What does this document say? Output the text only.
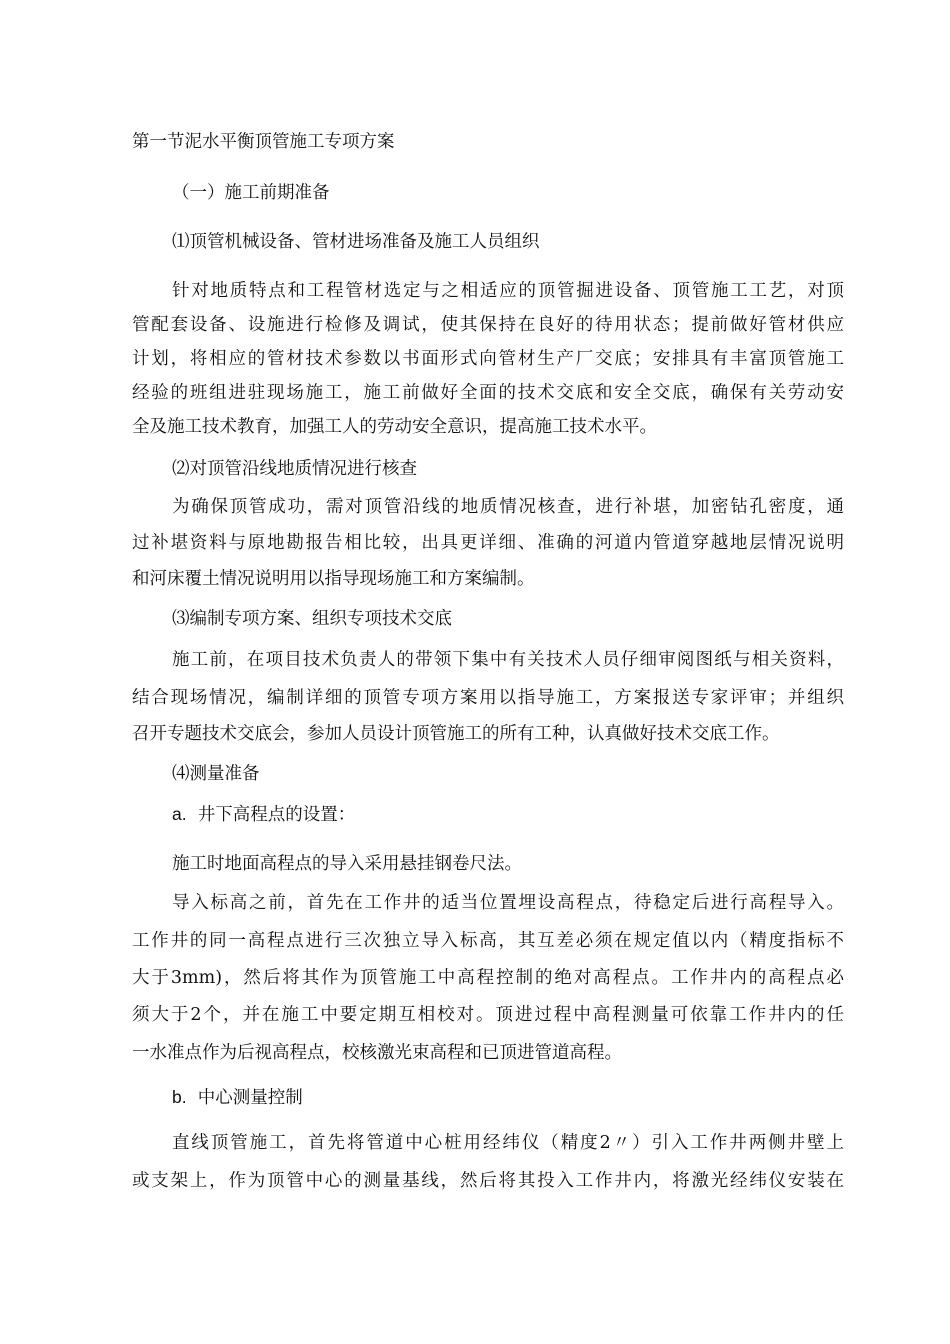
第一节泥水平衡顶管施工专项方案
（一）施工前期准备
⑴顶管机械设备、管材进场准备及施工人员组织
针对地质特点和工程管材选定与之相适应的顶管掘进设备、顶管施工工艺，对顶
管配套设备、设施进行检修及调试，使其保持在良好的待用状态；提前做好管材供应
计划，将相应的管材技术参数以书面形式向管材生产厂交底；安排具有丰富顶管施工
经验的班组进驻现场施工，施工前做好全面的技术交底和安全交底，确保有关劳动安
全及施工技术教育，加强工人的劳动安全意识，提高施工技术水平。
⑵对顶管沿线地质情况进行核查
为确保顶管成功，需对顶管沿线的地质情况核查，进行补堪，加密钻孔密度，通
过补堪资料与原地勘报告相比较，出具更详细、准确的河道内管道穿越地层情况说明
和河床覆土情况说明用以指导现场施工和方案编制。
⑶编制专项方案、组织专项技术交底
施工前，在项目技术负责人的带领下集中有关技术人员仔细审阅图纸与相关资料，
结合现场情况，编制详细的顶管专项方案用以指导施工，方案报送专家评审；并组织
召开专题技术交底会，参加人员设计顶管施工的所有工种，认真做好技术交底工作。
⑷测量准备
a. 井下高程点的设置：
施工时地面高程点的导入采用悬挂钢卷尺法。
导入标高之前，首先在工作井的适当位置埋设高程点，待稳定后进行高程导入。
工作井的同一高程点进行三次独立导入标高，其互差必须在规定值以内（精度指标不
大于3mm)，然后将其作为顶管施工中高程控制的绝对高程点。工作井内的高程点必
须大于2个，并在施工中要定期互相校对。顶进过程中高程测量可依靠工作井内的任
一水准点作为后视高程点，校核激光束高程和已顶进管道高程。
b. 中心测量控制
直线顶管施工，首先将管道中心桩用经纬仪（精度2〃）引入工作井两侧井壁上
或支架上，作为顶管中心的测量基线，然后将其投入工作井内，将激光经纬仪安装在
